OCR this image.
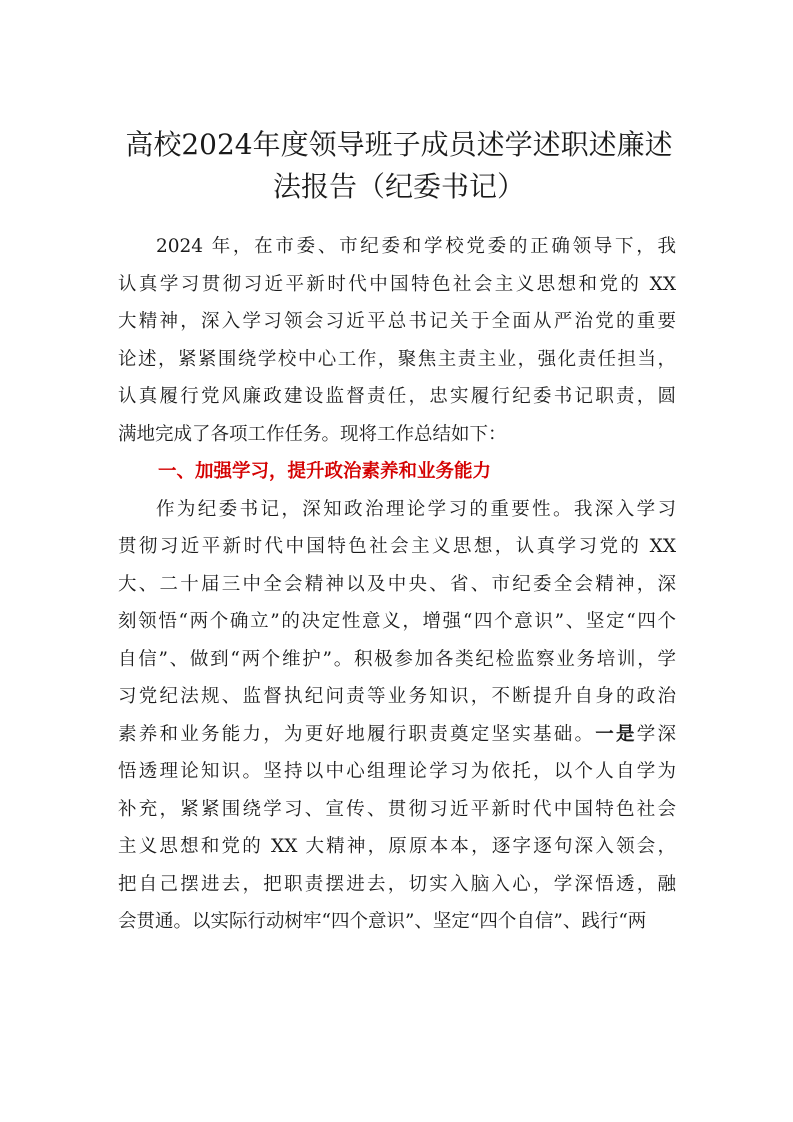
高校2024年度领导班子成员述学述职述廉述
法报告（纪委书记）
2024 年，在市委、市纪委和学校党委的正确领导下，我
认真学习贯彻习近平新时代中国特色社会主义思想和党的 XX
大精神，深入学习领会习近平总书记关于全面从严治党的重要
论述，紧紧围绕学校中心工作，聚焦主责主业，强化责任担当，
认真履行党风廉政建设监督责任，忠实履行纪委书记职责，圆
满地完成了各项工作任务。现将工作总结如下：
一、加强学习，提升政治素养和业务能力
作为纪委书记，深知政治理论学习的重要性。我深入学习
贯彻习近平新时代中国特色社会主义思想，认真学习党的 XX
大、二十届三中全会精神以及中央、省、市纪委全会精神，深
刻领悟“两个确立”的决定性意义，增强“四个意识”、坚定“四个
自信”、做到“两个维护”。积极参加各类纪检监察业务培训，学
习党纪法规、监督执纪问责等业务知识，不断提升自身的政治
素养和业务能力，为更好地履行职责奠定坚实基础。一是学深
悟透理论知识。坚持以中心组理论学习为依托，以个人自学为
补充，紧紧围绕学习、宣传、贯彻习近平新时代中国特色社会
主义思想和党的 XX 大精神，原原本本，逐字逐句深入领会，
把自己摆进去，把职责摆进去，切实入脑入心，学深悟透，融
会贯通。以实际行动树牢“四个意识”、坚定“四个自信”、践行“两
